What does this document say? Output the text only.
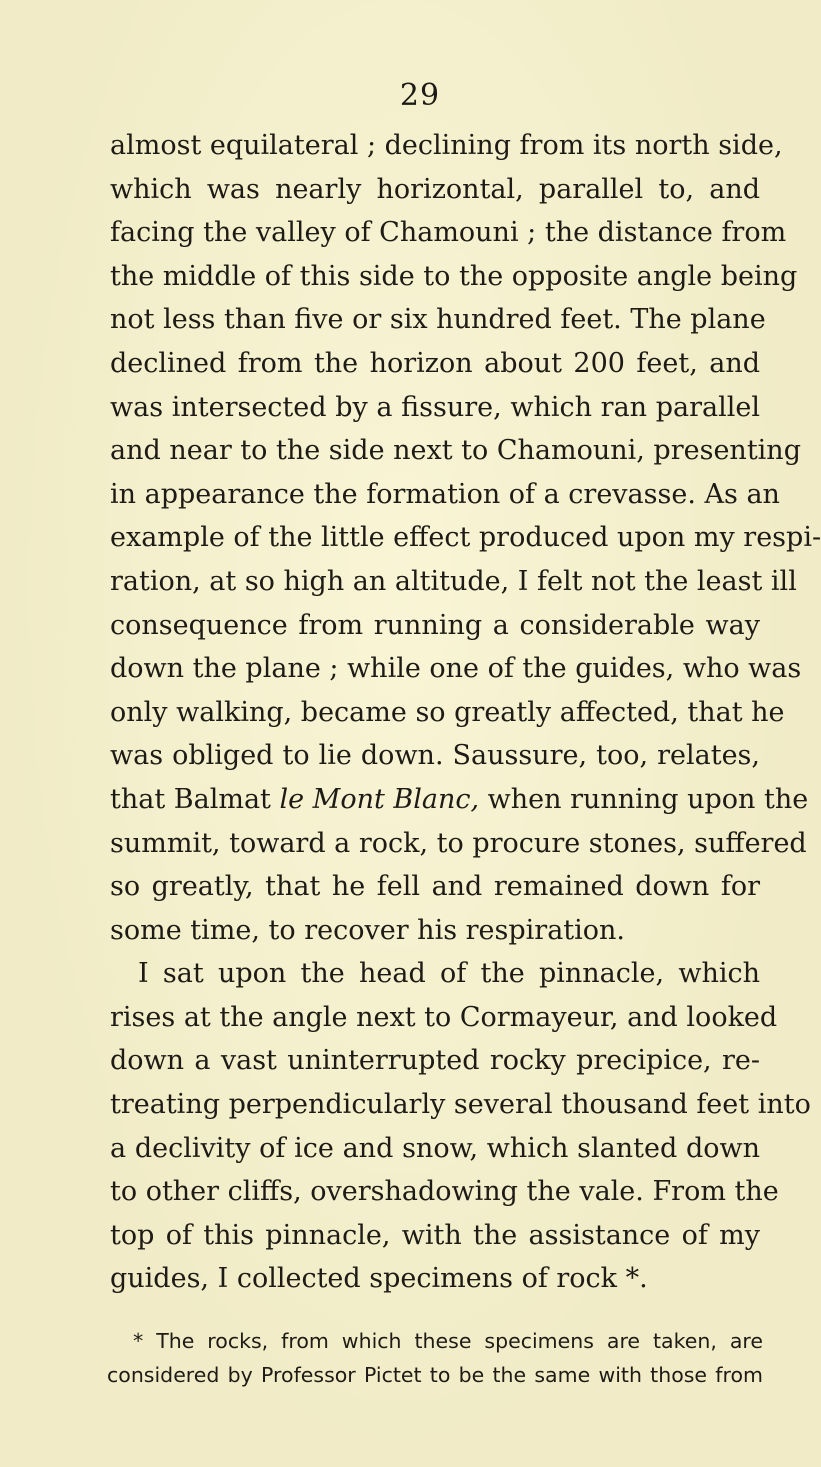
29
almost equilateral ; declining from its north side,
which was nearly horizontal, parallel to, and
facing the valley of Chamouni ; the distance from
the middle of this side to the opposite angle being
not less than five or six hundred feet. The plane
declined from the horizon about 200 feet, and
was intersected by a fissure, which ran parallel
and near to the side next to Chamouni, presenting
in appearance the formation of a crevasse. As an
example of the little effect produced upon my respi-
ration, at so high an altitude, I felt not the least ill
consequence from running a considerable way
down the plane ; while one of the guides, who was
only walking, became so greatly affected, that he
was obliged to lie down. Saussure, too, relates,
that Balmat le Mont Blanc, when running upon the
summit, toward a rock, to procure stones, suffered
so greatly, that he fell and remained down for
some time, to recover his respiration.
I sat upon the head of the pinnacle, which
rises at the angle next to Cormayeur, and looked
down a vast uninterrupted rocky precipice, re-
treating perpendicularly several thousand feet into
a declivity of ice and snow, which slanted down
to other cliffs, overshadowing the vale. From the
top of this pinnacle, with the assistance of my
guides, I collected specimens of rock *.
* The rocks, from which these specimens are taken, are
considered by Professor Pictet to be the same with those from
